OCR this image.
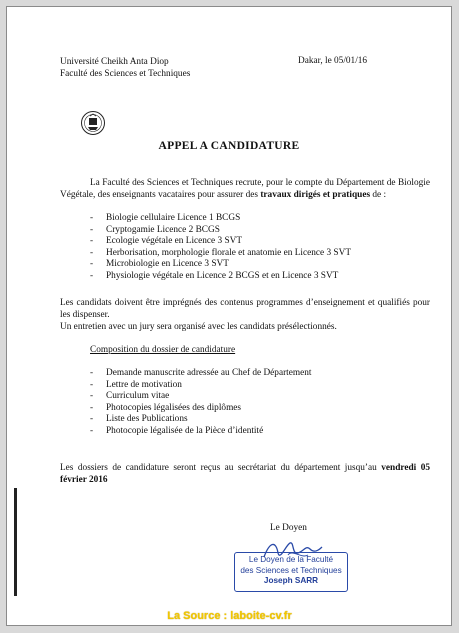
Université Cheikh Anta Diop
Faculté des Sciences et Techniques
Dakar, le 05/01/16
APPEL A CANDIDATURE
La Faculté des Sciences et Techniques recrute, pour le compte du Département de Biologie Végétale, des enseignants vacataires pour assurer des travaux dirigés et pratiques de :
- Biologie cellulaire Licence 1 BCGS
- Cryptogamie Licence 2 BCGS
- Ecologie végétale en Licence 3 SVT
- Herborisation, morphologie florale et anatomie en Licence 3 SVT
- Microbiologie en Licence 3 SVT
- Physiologie végétale en Licence 2 BCGS et en Licence 3 SVT
Les candidats doivent être imprégnés des contenus programmes d’enseignement et qualifiés pour les dispenser.
Un entretien avec un jury sera organisé avec les candidats présélectionnés.
Composition du dossier de candidature
- Demande manuscrite adressée au Chef de Département
- Lettre de motivation
- Curriculum vitae
- Photocopies légalisées des diplômes
- Liste des Publications
- Photocopie légalisée de la Pièce d’identité
Les dossiers de candidature seront reçus au secrétariat du département jusqu’au vendredi 05 février 2016
Le Doyen
Le Doyen de la Faculté
des Sciences et Techniques
Joseph SARR
La Source : laboite-cv.fr
